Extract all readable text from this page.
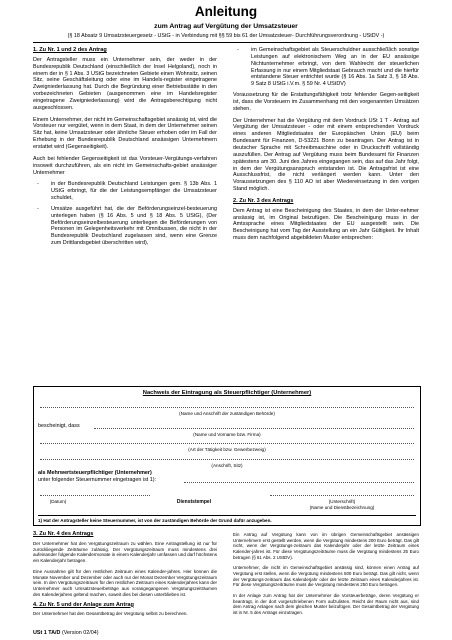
Anleitung
zum Antrag auf Vergütung der Umsatzsteuer
(§ 18 Absatz 9 Umsatzsteuergesetz - UStG - in Verbindung mit §§ 59 bis 61 der Umsatzsteuer- Durchführungsverordnung - UStDV -)
1. Zu Nr. 1 und 2 des Antrag

Der Antragsteller muss ein Unternehmer sein, der weder in der Bundesrepublik Deutschland (einschließlich der Insel Helgoland), noch in einem der in § 1 Abs. 3 UStG bezeichneten Gebiete einen Wohnsitz, seinen Sitz, seine Geschäftsleitung oder eine im Handels-register eingetragene Zweigniederlassung hat. Durch die Begründung einer Betriebsstätte in den vorbezeichneten Gebieten (ausgenommen eine im Handelsregister eingetragene Zweigniederlassung) wird die Antragsberechtigung nicht ausgeschlossen.

Einem Unternehmer, der nicht im Gemeinschaftsgebiet ansässig ist, wird die Vorsteuer nur vergütet, wenn in dem Staat, in dem der Unternehmer seinen Sitz hat, keine Umsatzsteuer oder ähnliche Steuer erhoben oder im Fall der Erhebung in der Bundesrepublik Deutschland ansässigen Unternehmern erstattet wird (Gegenseitigkeit).

Auch bei fehlender Gegenseitigkeit ist das Vorsteuer-Vergütungs-verfahren insoweit durchzuführen, als ein nicht im Gemeinschafts-gebiet ansässiger Unternehmer

-	in der Bundesrepublik Deutschland Leistungen gem. § 13b Abs. 1 UStG erbringt, für die der Leistungsempfänger die Umsatzsteuer schuldet,
-	Umsätze ausgeführt hat, die der Beförderungseinzel-besteuerung unterlegen haben (§ 16 Abs. 5 und § 18 Abs. 5 UStG), (Der Beförderungseinzelbesteuerung unterliegen die Beförderungen von Personen im Gelegenheitsverkehr mit Omnibussen, die nicht in der Bundesrepublik Deutschland zugelassen sind, wenn eine Grenze zum Drittlandsgebiet überschritten wird),
-	im Gemeinschaftsgebiet als Steuerschuldner ausschließlich sonstige Leistungen auf elektronischem Weg an in der EU ansässige Nichtunternehmer erbringt, von dem Wahlrecht der steuerlichen Erfassung in nur einem Mitgliedstaat Gebrauch macht und die hierfür entstandene Steuer entrichtet wurde (§ 16 Abs. 1a Satz 3, § 18 Abs. 9 Satz 8 UStG i.V.m. § 59 Nr. 4 UStDV)

Voraussetzung für die Erstattungsfähigkeit trotz fehlender Gegen-seitigkeit ist, dass die Vorsteuern im Zusammenhang mit den vorgenannten Umsätzen stehen.

Der Unternehmer hat die Vergütung mit dem Vordruck USt 1 T - Antrag auf Vergütung der Umsatzsteuer - oder mit einem entsprechenden Vordruck eines anderen Mitgliedstaates der Europäischen Union (EU) beim Bundesamt für Finanzen, D-53221 Bonn zu beantragen. Der Antrag ist in deutscher Sprache mit Schreibmaschine oder in Druckschrift vollständig auszufüllen. Der Antrag auf Vergütung muss beim Bundesamt für Finanzen spätestens am 30. Juni des Jahres eingegangen sein, das auf das Jahr folgt, in dem der Vergütungsanspruch entstanden ist. Die Antragsfrist ist eine Ausschlussfrist, die nicht verlängert werden kann. Unter den Voraussetzungen des § 110 AO ist aber Wiedereinsetzung in den vorigen Stand möglich.

2. Zu Nr. 3 des Antrags

Dem Antrag ist eine Bescheinigung des Staates, in dem der Unter-nehmer ansässig ist, im Original beizufügen. Die Bescheinigung muss in der Amtssprache eines Mitgliedstaates der EU ausgestellt sein. Die Bescheinigung hat vom Tag der Ausstellung an ein Jahr Gültigkeit. Ihr Inhalt muss dem nachfolgend abgebildeten Muster entsprechen:

Nachweis der Eintragung als Steuerpflichtiger (Unternehmer)
(Name und Anschrift der zuständigen Behörde)
bescheinigt, dass
(Name und Vorname bzw. Firma)
(Art der Tätigkeit bzw. Gewerbezweig)
(Anschrift, Sitz)
als Mehrwertsteuerpflichtiger (Unternehmer)
unter folgender Steuernummer eingetragen ist 1):
(Datum)	Dienststempel	(Unterschrift)
(Name und Dienstbezeichnung)
1) Hat der Antragsteller keine Steuernummer, ist von der zuständigen Behörde der Grund dafür anzugeben.
3. Zu Nr. 4 des Antrags

Der Unternehmer hat den Vergütungszeitraum zu wählen. Eine Antragstellung ist nur für zurückliegende Zeiträume zulässig. Der Vergütungszeitraum muss mindestens drei aufeinander folgende Kalendermonate in einem Kalenderjahr umfassen und darf höchstens ein Kalenderjahr betragen.

Eine Ausnahme gilt für den restlichen Zeitraum eines Kalender-jahres. Hier können die Monate November und Dezember oder auch nur der Monat Dezember Vergütungszeitraum sein. In den Vergütungszeitraum für den restlichen Zeitraum eines Kalenderjahres kann der Unternehmer auch Umsatzsteuerbeträge aus vorangegangenen Vergütungszeiträumen des Kalenderjahres geltend machen, soweit dies bei diesen unterblieben ist.

4. Zu Nr. 5 und der Anlage zum Antrag

Der Unternehmer hat den Gesamtbetrag der Vergütung selbst zu berechnen.

Ein Antrag auf Vergütung kann von im übrigen Gemeinschaftsgebiet ansässigen Unternehmern erst gestellt werden, wenn die Vergütung mindestens 200 Euro beträgt. Das gilt nicht, wenn der Vergütungs-zeitraum das Kalenderjahr oder der letzte Zeitraum eines Kalender-jahres ist. Für diese Vergütungszeiträume muss die Vergütung mindestens 25 Euro betragen (§ 61 Abs. 2 UStDV).

Unternehmer, die nicht im Gemeinschaftsgebiet ansässig sind, können einen Antrag auf Vergütung erst stellen, wenn die Vergütung mindestens 500 Euro beträgt. Das gilt nicht, wenn der Vergütungs-zeitraum das Kalenderjahr oder der letzte Zeitraum eines Kalenderjahres ist. Für diese Vergütungszeiträume muss die Vergütung mindestens 250 Euro betragen.

In der Anlage zum Antrag hat der Unternehmer die Vorsteuerbeträge, deren Vergütung er beantragt, in der dort vorgeschriebenen Form aufzulisten. Reicht der Raum nicht aus, sind dem Antrag Anlagen nach dem gleichen Muster beizufügen. Der Gesamtbetrag der Vergütung ist in Nr. 5 des Antrags einzutragen.

USt 1 TA/D (Version 02/04)
